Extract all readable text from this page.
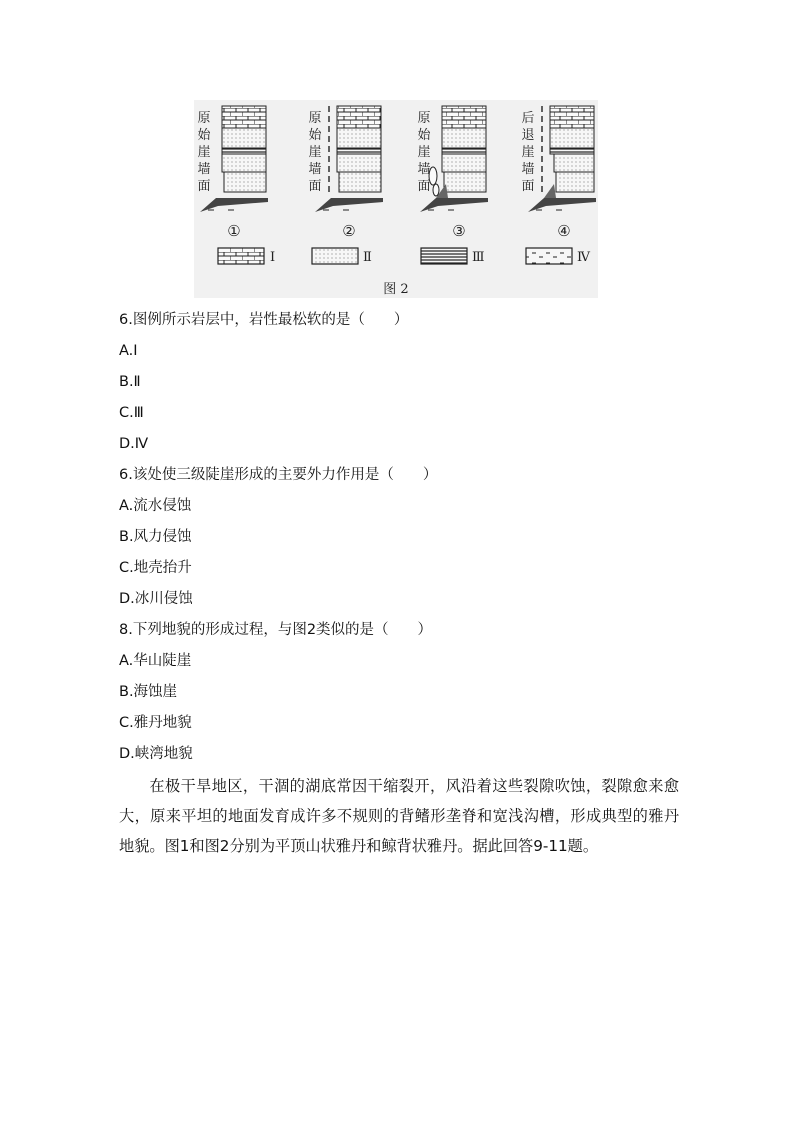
原始崖墙面
原始崖墙面
原始崖墙面
后退崖墙面
①	②	③	④
Ⅰ	Ⅱ	Ⅲ	Ⅳ
图 2
6.图例所示岩层中，岩性最松软的是（　　）
A.Ⅰ
B.Ⅱ
C.Ⅲ
D.Ⅳ
6.该处使三级陡崖形成的主要外力作用是（　　）
A.流水侵蚀
B.风力侵蚀
C.地壳抬升
D.冰川侵蚀
8.下列地貌的形成过程，与图2类似的是（　　）
A.华山陡崖
B.海蚀崖
C.雅丹地貌
D.峡湾地貌
在极干旱地区，干涸的湖底常因干缩裂开，风沿着这些裂隙吹蚀，裂隙愈来愈大，原来平坦的地面发育成许多不规则的背鳍形垄脊和宽浅沟槽，形成典型的雅丹地貌。图1和图2分别为平顶山状雅丹和鲸背状雅丹。据此回答9-11题。
